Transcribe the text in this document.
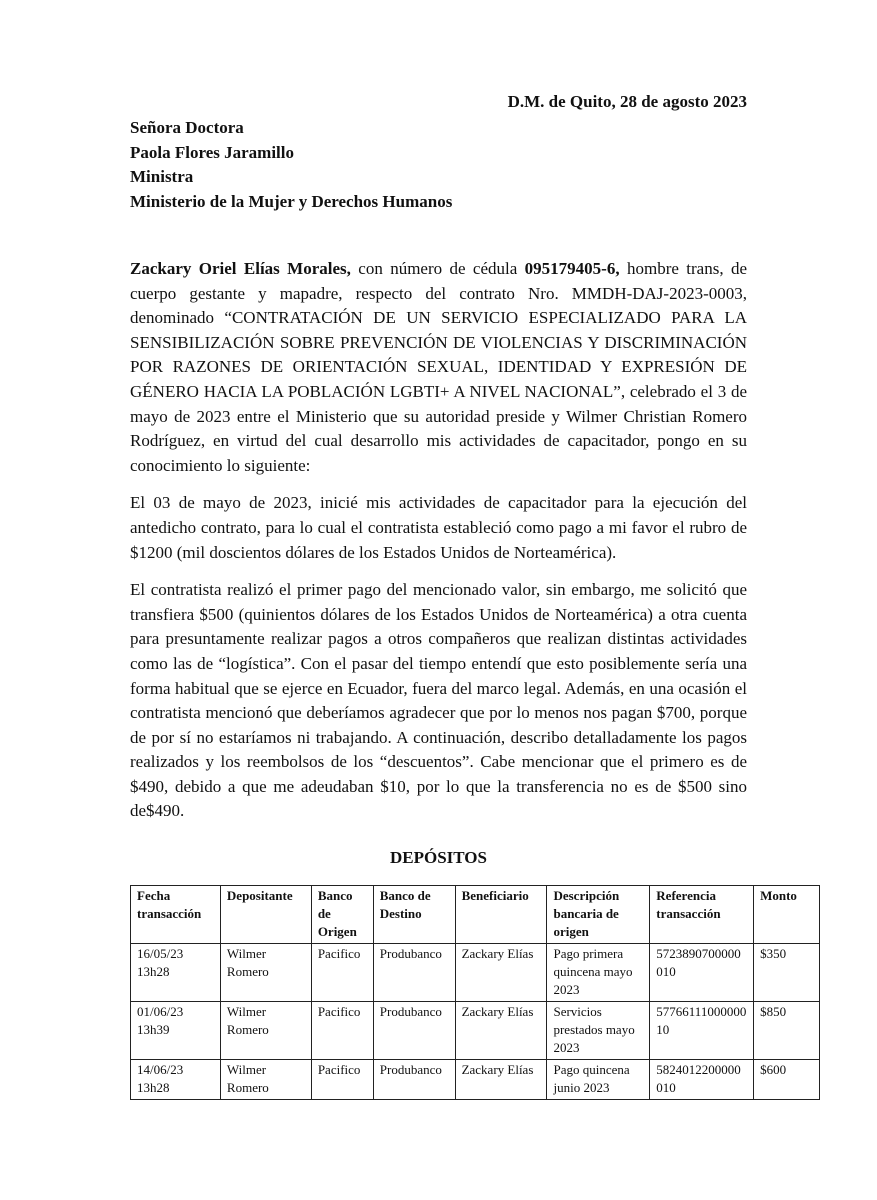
D.M. de Quito, 28 de agosto 2023
Señora Doctora
Paola Flores Jaramillo
Ministra
Ministerio de la Mujer y Derechos Humanos

Zackary Oriel Elías Morales, con número de cédula 095179405-6, hombre trans, de cuerpo gestante y mapadre, respecto del contrato Nro. MMDH-DAJ-2023-0003, denominado “CONTRATACIÓN DE UN SERVICIO ESPECIALIZADO PARA LA SENSIBILIZACIÓN SOBRE PREVENCIÓN DE VIOLENCIAS Y DISCRIMINACIÓN POR RAZONES DE ORIENTACIÓN SEXUAL, IDENTIDAD Y EXPRESIÓN DE GÉNERO HACIA LA POBLACIÓN LGBTI+ A NIVEL NACIONAL”, celebrado el 3 de mayo de 2023 entre el Ministerio que su autoridad preside y Wilmer Christian Romero Rodríguez, en virtud del cual desarrollo mis actividades de capacitador, pongo en su conocimiento lo siguiente:

El 03 de mayo de 2023, inicié mis actividades de capacitador para la ejecución del antedicho contrato, para lo cual el contratista estableció como pago a mi favor el rubro de $1200 (mil doscientos dólares de los Estados Unidos de Norteamérica).

El contratista realizó el primer pago del mencionado valor, sin embargo, me solicitó que transfiera $500 (quinientos dólares de los Estados Unidos de Norteamérica) a otra cuenta para presuntamente realizar pagos a otros compañeros que realizan distintas actividades como las de “logística”. Con el pasar del tiempo entendí que esto posiblemente sería una forma habitual que se ejerce en Ecuador, fuera del marco legal. Además, en una ocasión el contratista mencionó que deberíamos agradecer que por lo menos nos pagan $700, porque de por sí no estaríamos ni trabajando. A continuación, describo detalladamente los pagos realizados y los reembolsos de los “descuentos”. Cabe mencionar que el primero es de $490, debido a que me adeudaban $10, por lo que la transferencia no es de $500 sino de$490.

DEPÓSITOS
Fecha transacción	Depositante	Banco de Origen	Banco de Destino	Beneficiario	Descripción bancaria de origen	Referencia transacción	Monto
16/05/23 13h28	Wilmer Romero	Pacifico	Produbanco	Zackary Elías	Pago primera quincena mayo 2023	5723890700000010	$350
01/06/23 13h39	Wilmer Romero	Pacifico	Produbanco	Zackary Elías	Servicios prestados mayo 2023	5776611100000010	$850
14/06/23 13h28	Wilmer Romero	Pacifico	Produbanco	Zackary Elías	Pago quincena junio 2023	5824012200000010	$600
